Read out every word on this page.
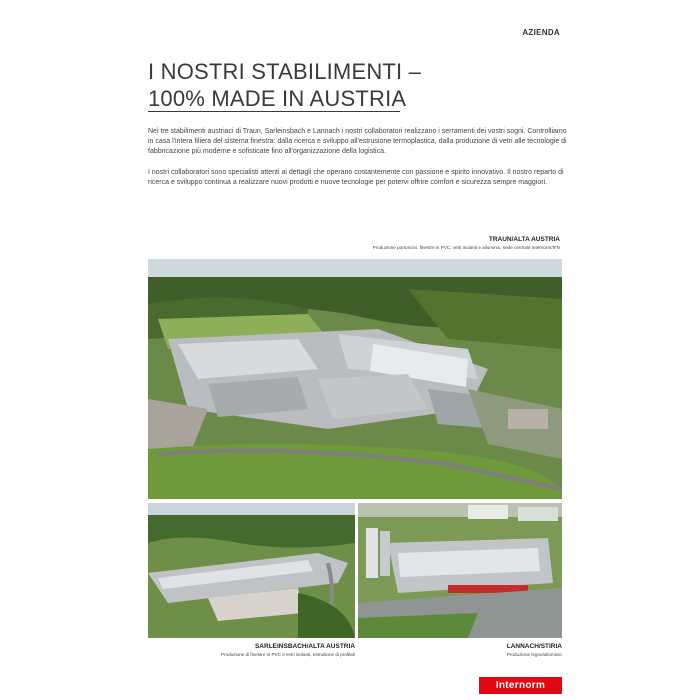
AZIENDA
I NOSTRI STABILIMENTI –
100% MADE IN AUSTRIA

Nei tre stabilimenti austriaci di Traun, Sarleinsbach e Lannach i nostri collaboratori realizzano i serramenti dei vostri sogni. Controlliamo in casa l'intera filiera del sistema finestra: dalla ricerca e sviluppo all'estrusione termoplastica, dalla produzione di vetri alle tecnologie di fabbricazione più moderne e sofisticate fino all'organizzazione della logistica.

I nostri collaboratori sono specialisti attenti ai dettagli che operano costantemente con passione e spirito innovativo. Il nostro reparto di ricerca e sviluppo continua a realizzare nuovi prodotti e nuove tecnologie per potervi offrire comfort e sicurezza sempre maggiori.

TRAUN/ALTA AUSTRIA
Produzione portoncini, finestre in PVC, vetri isolanti e alluminio, sede centrale Internorm/IFN
SARLEINSBACH/ALTA AUSTRIA
Produzione di finestre in PVC e vetri isolanti, estrusione di profilati
LANNACH/STIRIA
Produzione legno/alluminio
Internorm
